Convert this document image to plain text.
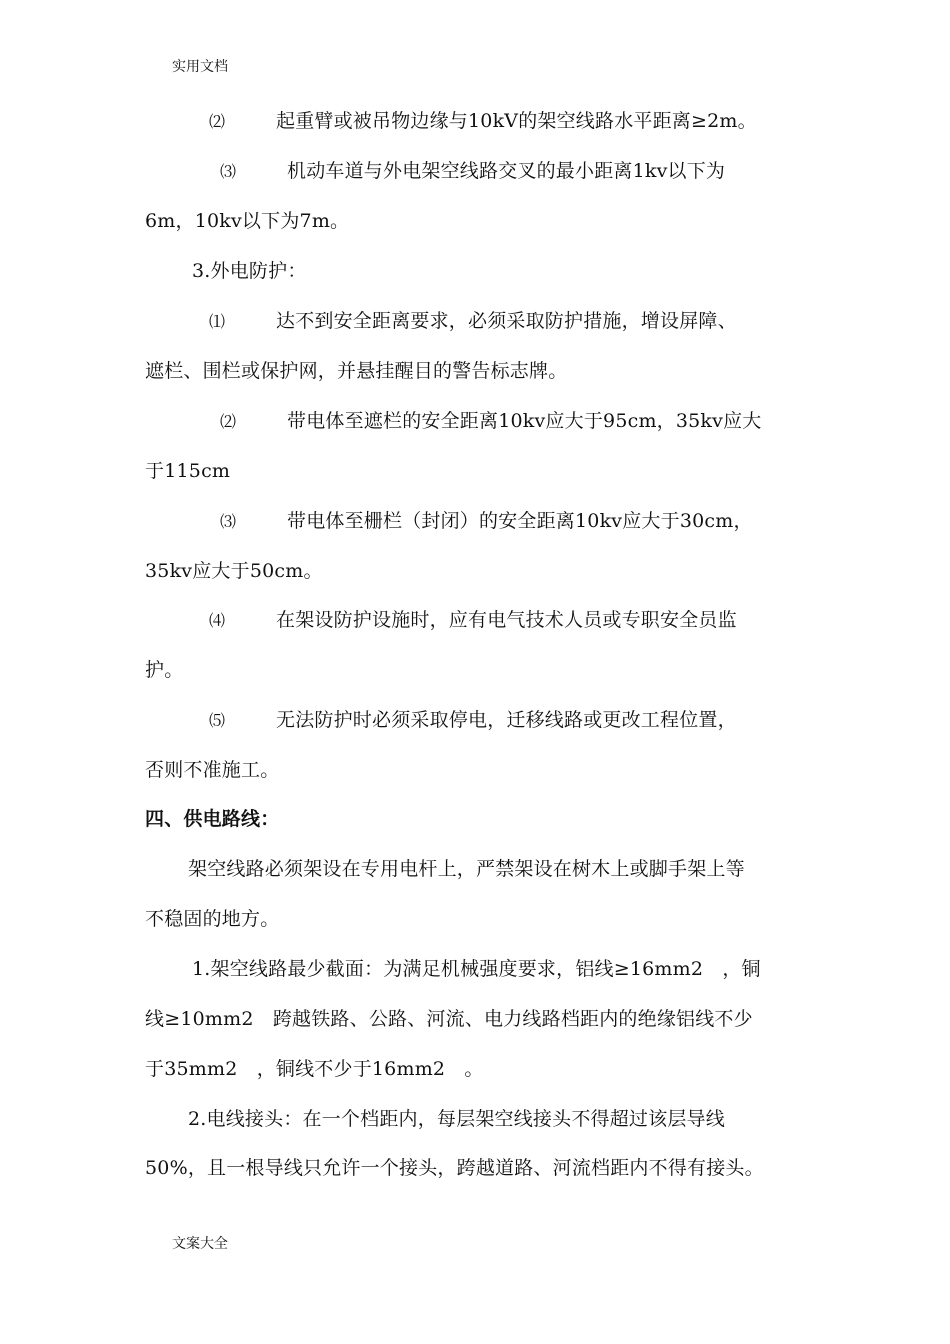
实用文档
⑵	起重臂或被吊物边缘与10kV的架空线路水平距离≥2m。
⑶	机动车道与外电架空线路交叉的最小距离1kv以下为
6m，10kv以下为7m。
3.外电防护：
⑴	达不到安全距离要求，必须采取防护措施，增设屏障、
遮栏、围栏或保护网，并悬挂醒目的警告标志牌。
⑵	带电体至遮栏的安全距离10kv应大于95cm，35kv应大
于115cm
⑶	带电体至栅栏（封闭）的安全距离10kv应大于30cm，
35kv应大于50cm。
⑷	在架设防护设施时，应有电气技术人员或专职安全员监
护。
⑸	无法防护时必须采取停电，迁移线路或更改工程位置，
否则不准施工。
四、供电路线：
架空线路必须架设在专用电杆上，严禁架设在树木上或脚手架上等
不稳固的地方。
1.架空线路最少截面：为满足机械强度要求，铝线≥16mm2　，铜
线≥10mm2　跨越铁路、公路、河流、电力线路档距内的绝缘铝线不少
于35mm2　，铜线不少于16mm2　。
2.电线接头：在一个档距内，每层架空线接头不得超过该层导线
50%，且一根导线只允许一个接头，跨越道路、河流档距内不得有接头。
文案大全
